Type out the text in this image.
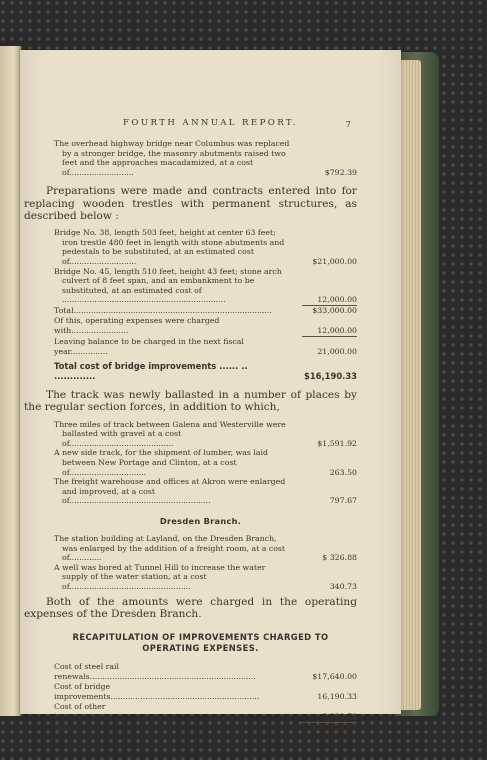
FOURTH ANNUAL REPORT.	7
The overhead highway bridge near Columbus was replaced by a stronger bridge, the masonry abutments raised two feet and the approaches macadamized, at a cost of..........................	$792.39

Preparations were made and contracts entered into for replacing wooden trestles with permanent structures, as described below :

Bridge No. 38, length 503 feet, height at center 63 feet; iron trestle 480 feet in length with stone abutments and pedestals to be substituted, at an estimated cost of...........................	$21,000.00
Bridge No. 45, length 510 feet, height 43 feet; stone arch culvert of 8 feet span, and an embankment to be substituted, at an estimated cost of ..................................................................	12,000.00
Total................................................................................	$33,000.00
Of this, operating expenses were charged with.......................	12,000.00
Leaving balance to be charged in the next fiscal year...............	21,000.00
Total cost of bridge improvements ...... .. .............	$16,190.33

The track was newly ballasted in a number of places by the regular section forces, in addition to which,

Three miles of track between Galena and Westerville were ballasted with gravel at a cost of..........................................	$1,591.92
A new side track, for the shipment of lumber, was laid between New Portage and Clinton, at a cost of...............................	263.50
The freight warehouse and offices at Akron were enlarged and improved, at a cost of.........................................................	797.67
Dresden Branch.
The station building at Layland, on the Dresden Branch, was enlarged by the addition of a freight room, at a cost of.............	$ 326.88
A well was bored at Tunnel Hill to increase the water supply of the water station, at a cost of.................................................	340.73

Both of the amounts were charged in the operating expenses of the Dresden Branch.

RECAPITULATION OF IMPROVEMENTS CHARGED TO
OPERATING EXPENSES.
Cost of steel rail renewals...................................................................	$17,640.00
Cost of bridge improvements............................................................	16,190.33
Cost of other improvements..............................................................	3,320.70
Total.......................................................................................	$37,151.03
